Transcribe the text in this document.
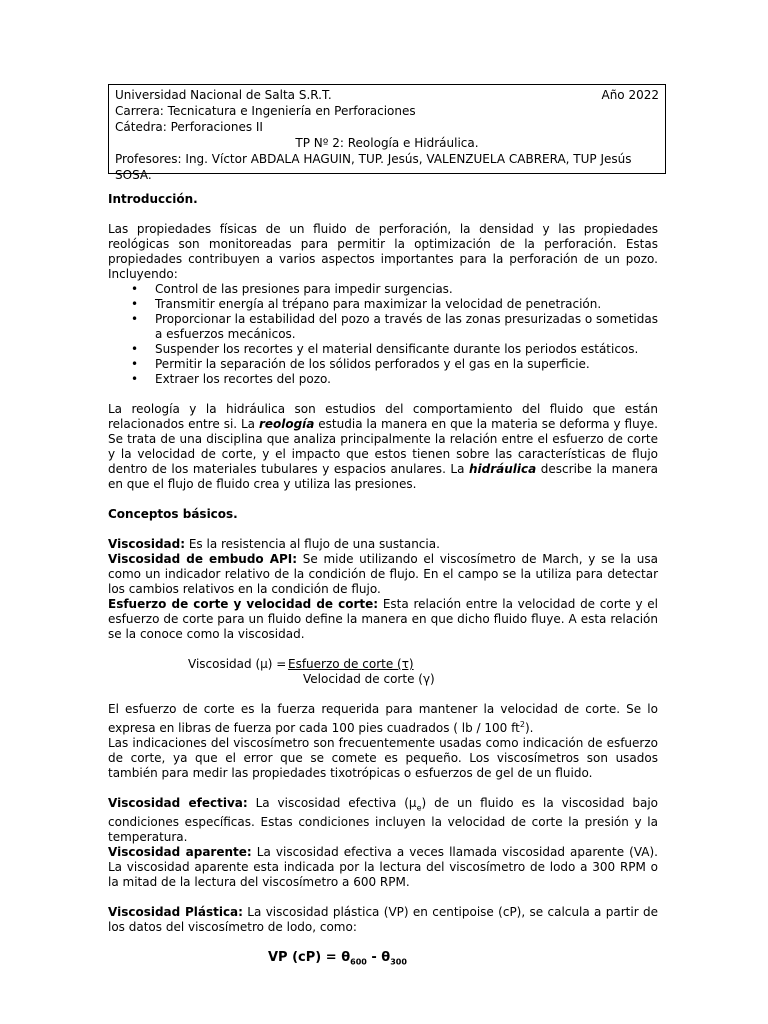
Universidad Nacional de Salta S.R.T.	Año 2022
Carrera: Tecnicatura e Ingeniería en Perforaciones
Cátedra: Perforaciones II
TP Nº 2: Reología e Hidráulica.
Profesores: Ing. Víctor ABDALA HAGUIN, TUP. Jesús, VALENZUELA CABRERA, TUP Jesús SOSA.

Introducción.

Las propiedades físicas de un fluido de perforación, la densidad y las propiedades reológicas son monitoreadas para permitir la optimización de la perforación. Estas propiedades contribuyen a varios aspectos importantes para la perforación de un pozo. Incluyendo:

• Control de las presiones para impedir surgencias.
• Transmitir energía al trépano para maximizar la velocidad de penetración.
• Proporcionar la estabilidad del pozo a través de las zonas presurizadas o sometidas a esfuerzos mecánicos.
• Suspender los recortes y el material densificante durante los periodos estáticos.
• Permitir la separación de los sólidos perforados y el gas en la superficie.
• Extraer los recortes del pozo.

La reología y la hidráulica son estudios del comportamiento del fluido que están relacionados entre si. La reología estudia la manera en que la materia se deforma y fluye. Se trata de una disciplina que analiza principalmente la relación entre el esfuerzo de corte y la velocidad de corte, y el impacto que estos tienen sobre las características de flujo dentro de los materiales tubulares y espacios anulares. La hidráulica describe la manera en que el flujo de fluido crea y utiliza las presiones.

Conceptos básicos.

Viscosidad: Es la resistencia al flujo de una sustancia.

Viscosidad de embudo API: Se mide utilizando el viscosímetro de March, y se la usa como un indicador relativo de la condición de flujo. En el campo se la utiliza para detectar los cambios relativos en la condición de flujo.

Esfuerzo de corte y velocidad de corte: Esta relación entre la velocidad de corte y el esfuerzo de corte para un fluido define la manera en que dicho fluido fluye. A esta relación se la conoce como la viscosidad.

Viscosidad (μ) = Esfuerzo de corte (τ)
Velocidad de corte (γ)

El esfuerzo de corte es la fuerza requerida para mantener la velocidad de corte. Se lo expresa en libras de fuerza por cada 100 pies cuadrados ( lb / 100 $ft^2$).

Las indicaciones del viscosímetro son frecuentemente usadas como indicación de esfuerzo de corte, ya que el error que se comete es pequeño. Los viscosímetros son usados también para medir las propiedades tixotrópicas o esfuerzos de gel de un fluido.

Viscosidad efectiva: La viscosidad efectiva $(\mu_e)$ de un fluido es la viscosidad bajo condiciones específicas. Estas condiciones incluyen la velocidad de corte la presión y la temperatura.

Viscosidad aparente: La viscosidad efectiva a veces llamada viscosidad aparente (VA). La viscosidad aparente esta indicada por la lectura del viscosímetro de lodo a 300 RPM o la mitad de la lectura del viscosímetro a 600 RPM.

Viscosidad Plástica: La viscosidad plástica (VP) en centipoise (cP), se calcula a partir de los datos del viscosímetro de lodo, como:

VP $(cP) = \theta_{600} - \theta_{300}$
